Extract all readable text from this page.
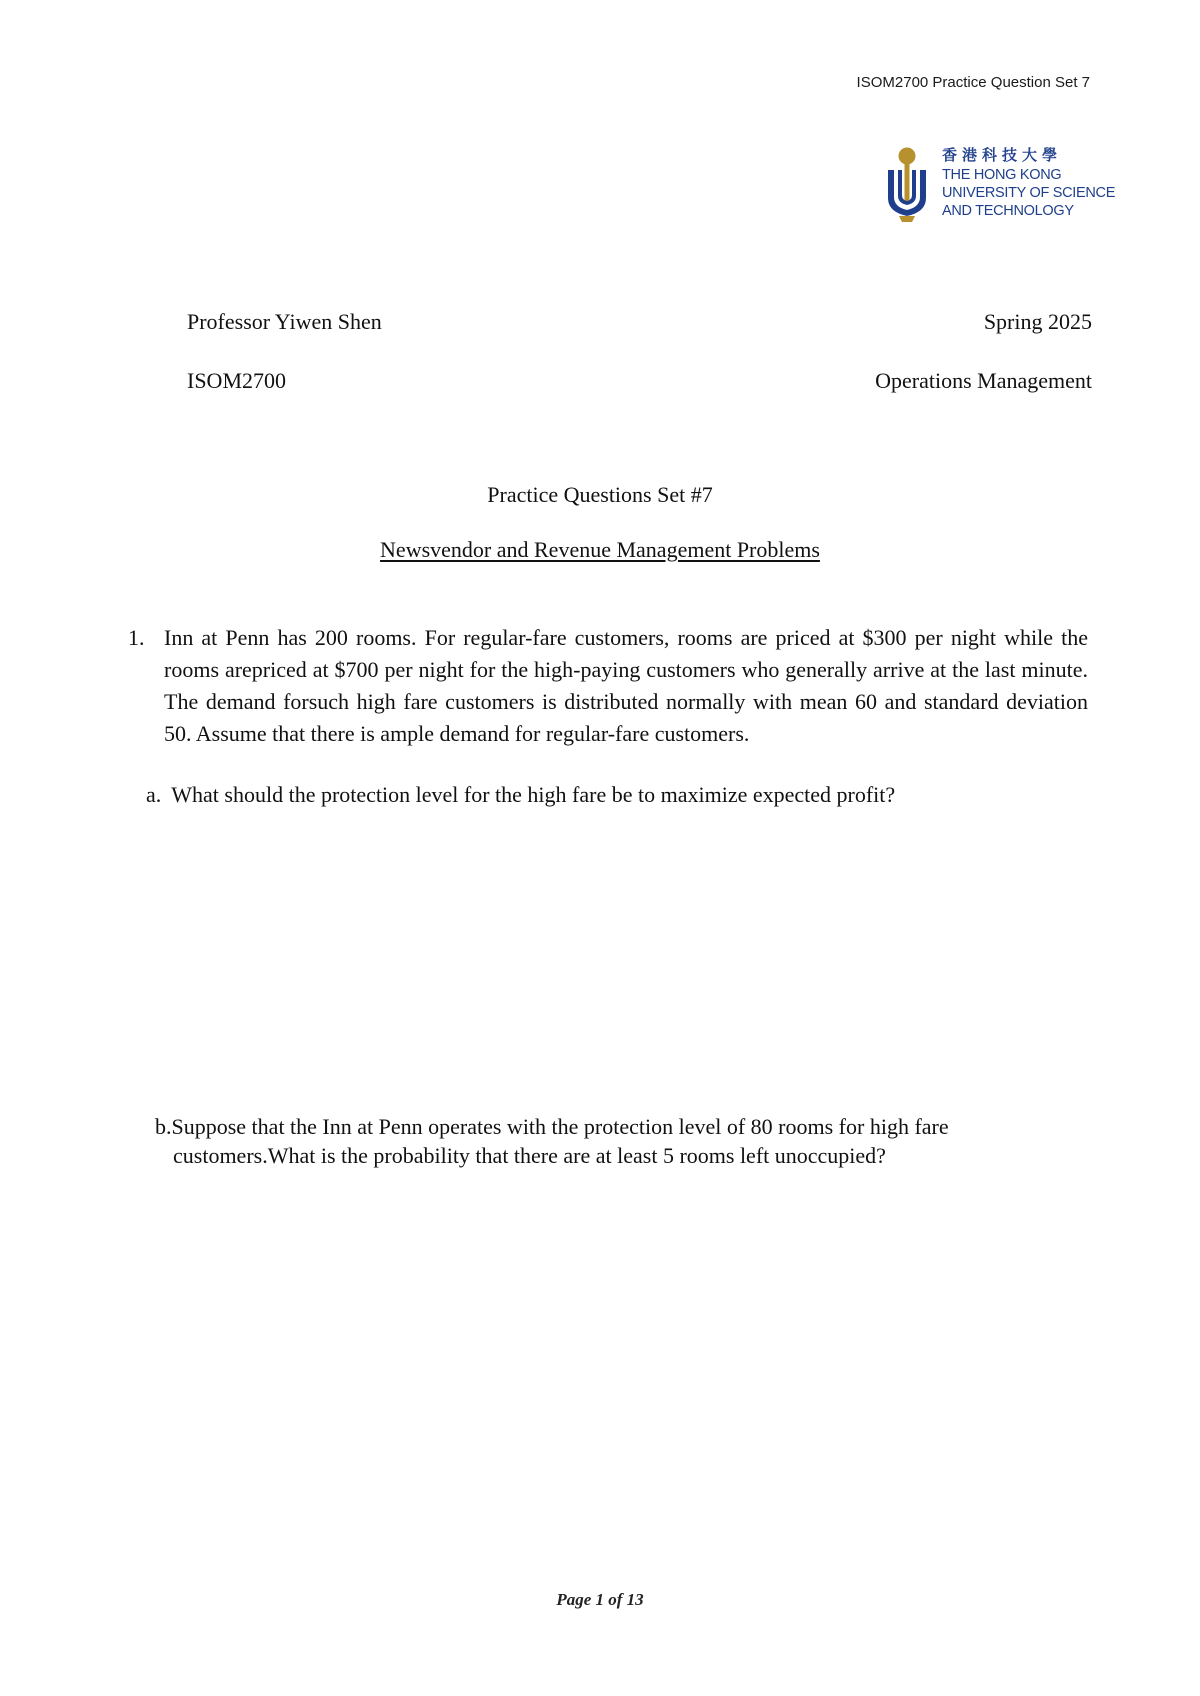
ISOM2700 Practice Question Set 7
香港科技大學
THE HONG KONG
UNIVERSITY OF SCIENCE
AND TECHNOLOGY
Professor Yiwen Shen	Spring 2025
ISOM2700	Operations Management
Practice Questions Set #7
Newsvendor and Revenue Management Problems
1. Inn at Penn has 200 rooms. For regular-fare customers, rooms are priced at $300 per night while the rooms arepriced at $700 per night for the high-paying customers who generally arrive at the last minute. The demand forsuch high fare customers is distributed normally with mean 60 and standard deviation 50. Assume that there is ample demand for regular-fare customers.
a. What should the protection level for the high fare be to maximize expected profit?
b.Suppose that the Inn at Penn operates with the protection level of 80 rooms for high fare
customers.What is the probability that there are at least 5 rooms left unoccupied?
Page 1 of 13
